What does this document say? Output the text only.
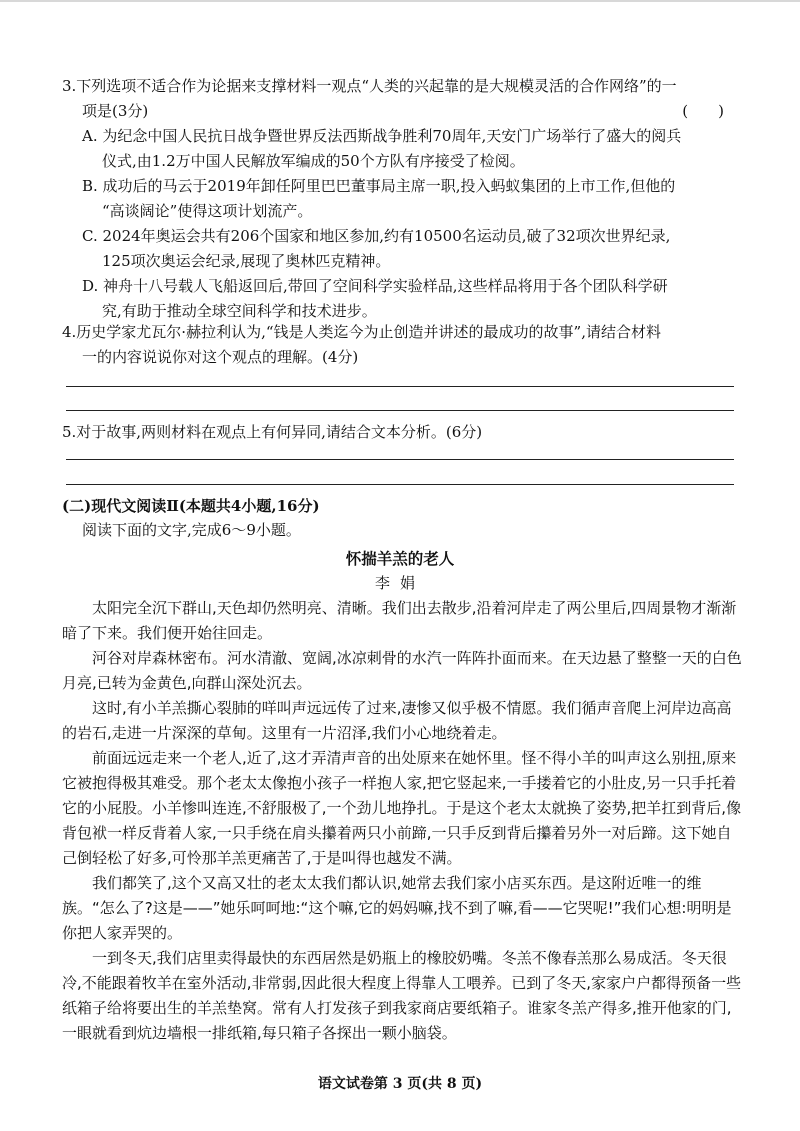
3.下列选项不适合作为论据来支撑材料一观点“人类的兴起靠的是大规模灵活的合作网络”的一

项是(3分)	(　　)
A. 为纪念中国人民抗日战争暨世界反法西斯战争胜利70周年,天安门广场举行了盛大的阅兵
仪式,由1.2万中国人民解放军编成的50个方队有序接受了检阅。
B. 成功后的马云于2019年卸任阿里巴巴董事局主席一职,投入蚂蚁集团的上市工作,但他的
“高谈阔论”使得这项计划流产。
C. 2024年奥运会共有206个国家和地区参加,约有10500名运动员,破了32项次世界纪录,
125项次奥运会纪录,展现了奥林匹克精神。
D. 神舟十八号载人飞船返回后,带回了空间科学实验样品,这些样品将用于各个团队科学研
究,有助于推动全球空间科学和技术进步。

4.历史学家尤瓦尔·赫拉利认为,“钱是人类迄今为止创造并讲述的最成功的故事”,请结合材料

一的内容说说你对这个观点的理解。(4分)

5.对于故事,两则材料在观点上有何异同,请结合文本分析。(6分)

(二)现代文阅读Ⅱ(本题共4小题,16分)
阅读下面的文字,完成6～9小题。
怀揣羊羔的老人
李娟

太阳完全沉下群山,天色却仍然明亮、清晰。我们出去散步,沿着河岸走了两公里后,四周景物才渐渐暗了下来。我们便开始往回走。

河谷对岸森林密布。河水清澈、宽阔,冰凉刺骨的水汽一阵阵扑面而来。在天边悬了整整一天的白色月亮,已转为金黄色,向群山深处沉去。

这时,有小羊羔撕心裂肺的咩叫声远远传了过来,凄惨又似乎极不情愿。我们循声音爬上河岸边高高的岩石,走进一片深深的草甸。这里有一片沼泽,我们小心地绕着走。

前面远远走来一个老人,近了,这才弄清声音的出处原来在她怀里。怪不得小羊的叫声这么别扭,原来它被抱得极其难受。那个老太太像抱小孩子一样抱人家,把它竖起来,一手搂着它的小肚皮,另一只手托着它的小屁股。小羊惨叫连连,不舒服极了,一个劲儿地挣扎。于是这个老太太就换了姿势,把羊扛到背后,像背包袱一样反背着人家,一只手绕在肩头攥着两只小前蹄,一只手反到背后攥着另外一对后蹄。这下她自己倒轻松了好多,可怜那羊羔更痛苦了,于是叫得也越发不满。

我们都笑了,这个又高又壮的老太太我们都认识,她常去我们家小店买东西。是这附近唯一的维族。“怎么了?这是——”她乐呵呵地:“这个嘛,它的妈妈嘛,找不到了嘛,看——它哭呢!”我们心想:明明是你把人家弄哭的。

一到冬天,我们店里卖得最快的东西居然是奶瓶上的橡胶奶嘴。冬羔不像春羔那么易成活。冬天很冷,不能跟着牧羊在室外活动,非常弱,因此很大程度上得靠人工喂养。已到了冬天,家家户户都得预备一些纸箱子给将要出生的羊羔垫窝。常有人打发孩子到我家商店要纸箱子。谁家冬羔产得多,推开他家的门,一眼就看到炕边墙根一排纸箱,每只箱子各探出一颗小脑袋。

语文试卷第 3 页(共 8 页)
